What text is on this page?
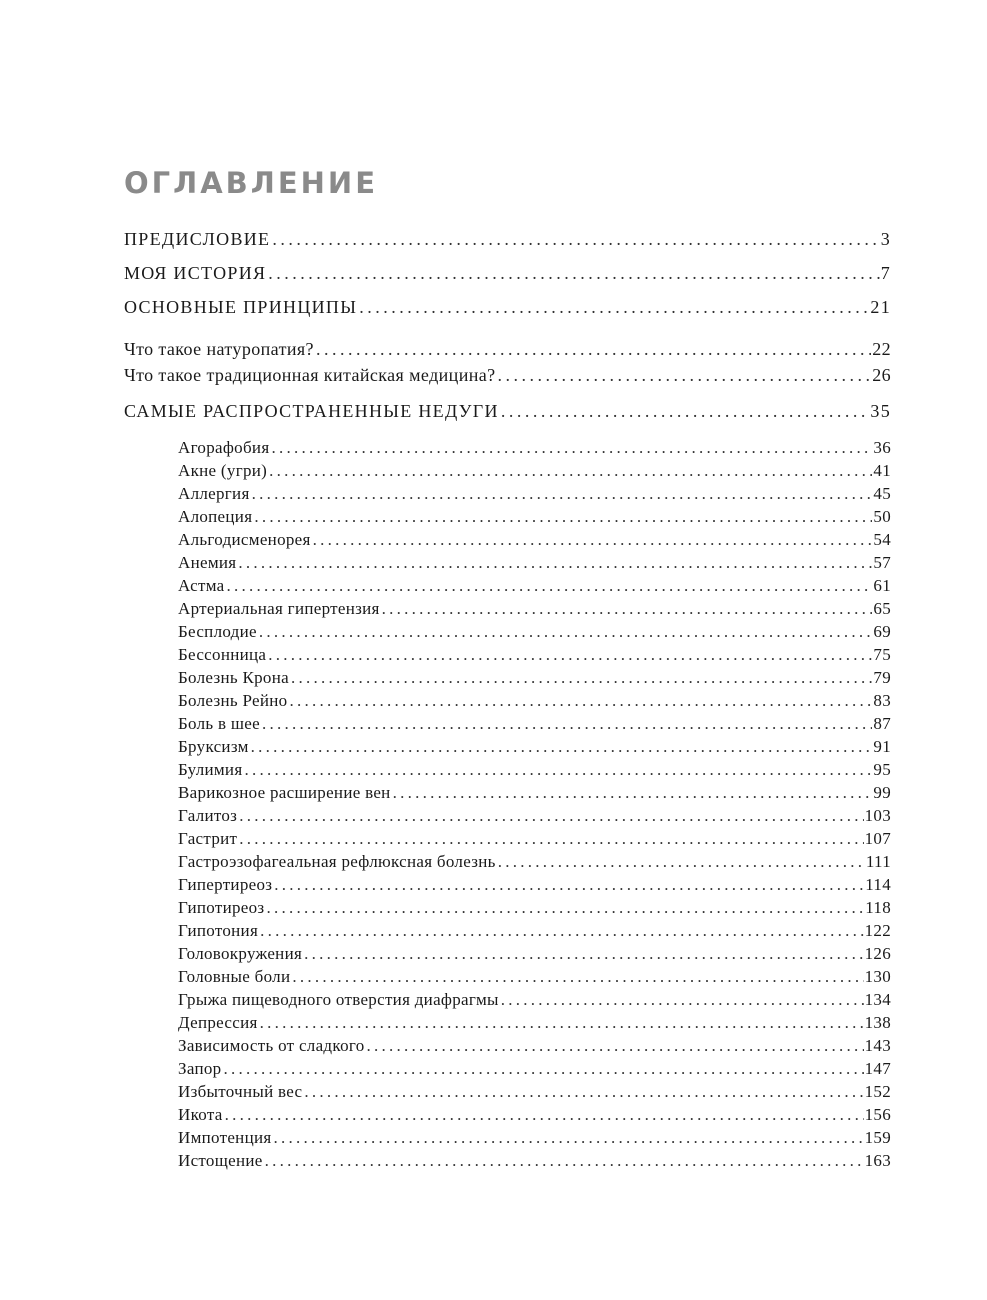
ОГЛАВЛЕНИЕ
ПРЕДИСЛОВИЕ . . .	3
МОЯ ИСТОРИЯ . . .	7
ОСНОВНЫЕ ПРИНЦИПЫ . . .	21
Что такое натуропатия? . . .	22
Что такое традиционная китайская медицина? . . .	26
САМЫЕ РАСПРОСТРАНЕННЫЕ НЕДУГИ . . .	35
Агорафобия . . .	36
Акне (угри) . . .	41
Аллергия . . .	45
Алопеция . . .	50
Альгодисменорея . . .	54
Анемия . . .	57
Астма . . .	61
Артериальная гипертензия . . .	65
Бесплодие . . .	69
Бессонница . . .	75
Болезнь Крона . . .	79
Болезнь Рейно . . .	83
Боль в шее . . .	87
Бруксизм . . .	91
Булимия . . .	95
Варикозное расширение вен . . .	99
Галитоз . . .	103
Гастрит . . .	107
Гастроэзофагеальная рефлюксная болезнь . . .	111
Гипертиреоз . . .	114
Гипотиреоз . . .	118
Гипотония . . .	122
Головокружения . . .	126
Головные боли . . .	130
Грыжа пищеводного отверстия диафрагмы . . .	134
Депрессия . . .	138
Зависимость от сладкого . . .	143
Запор . . .	147
Избыточный вес . . .	152
Икота . . .	156
Импотенция . . .	159
Истощение . . .	163
